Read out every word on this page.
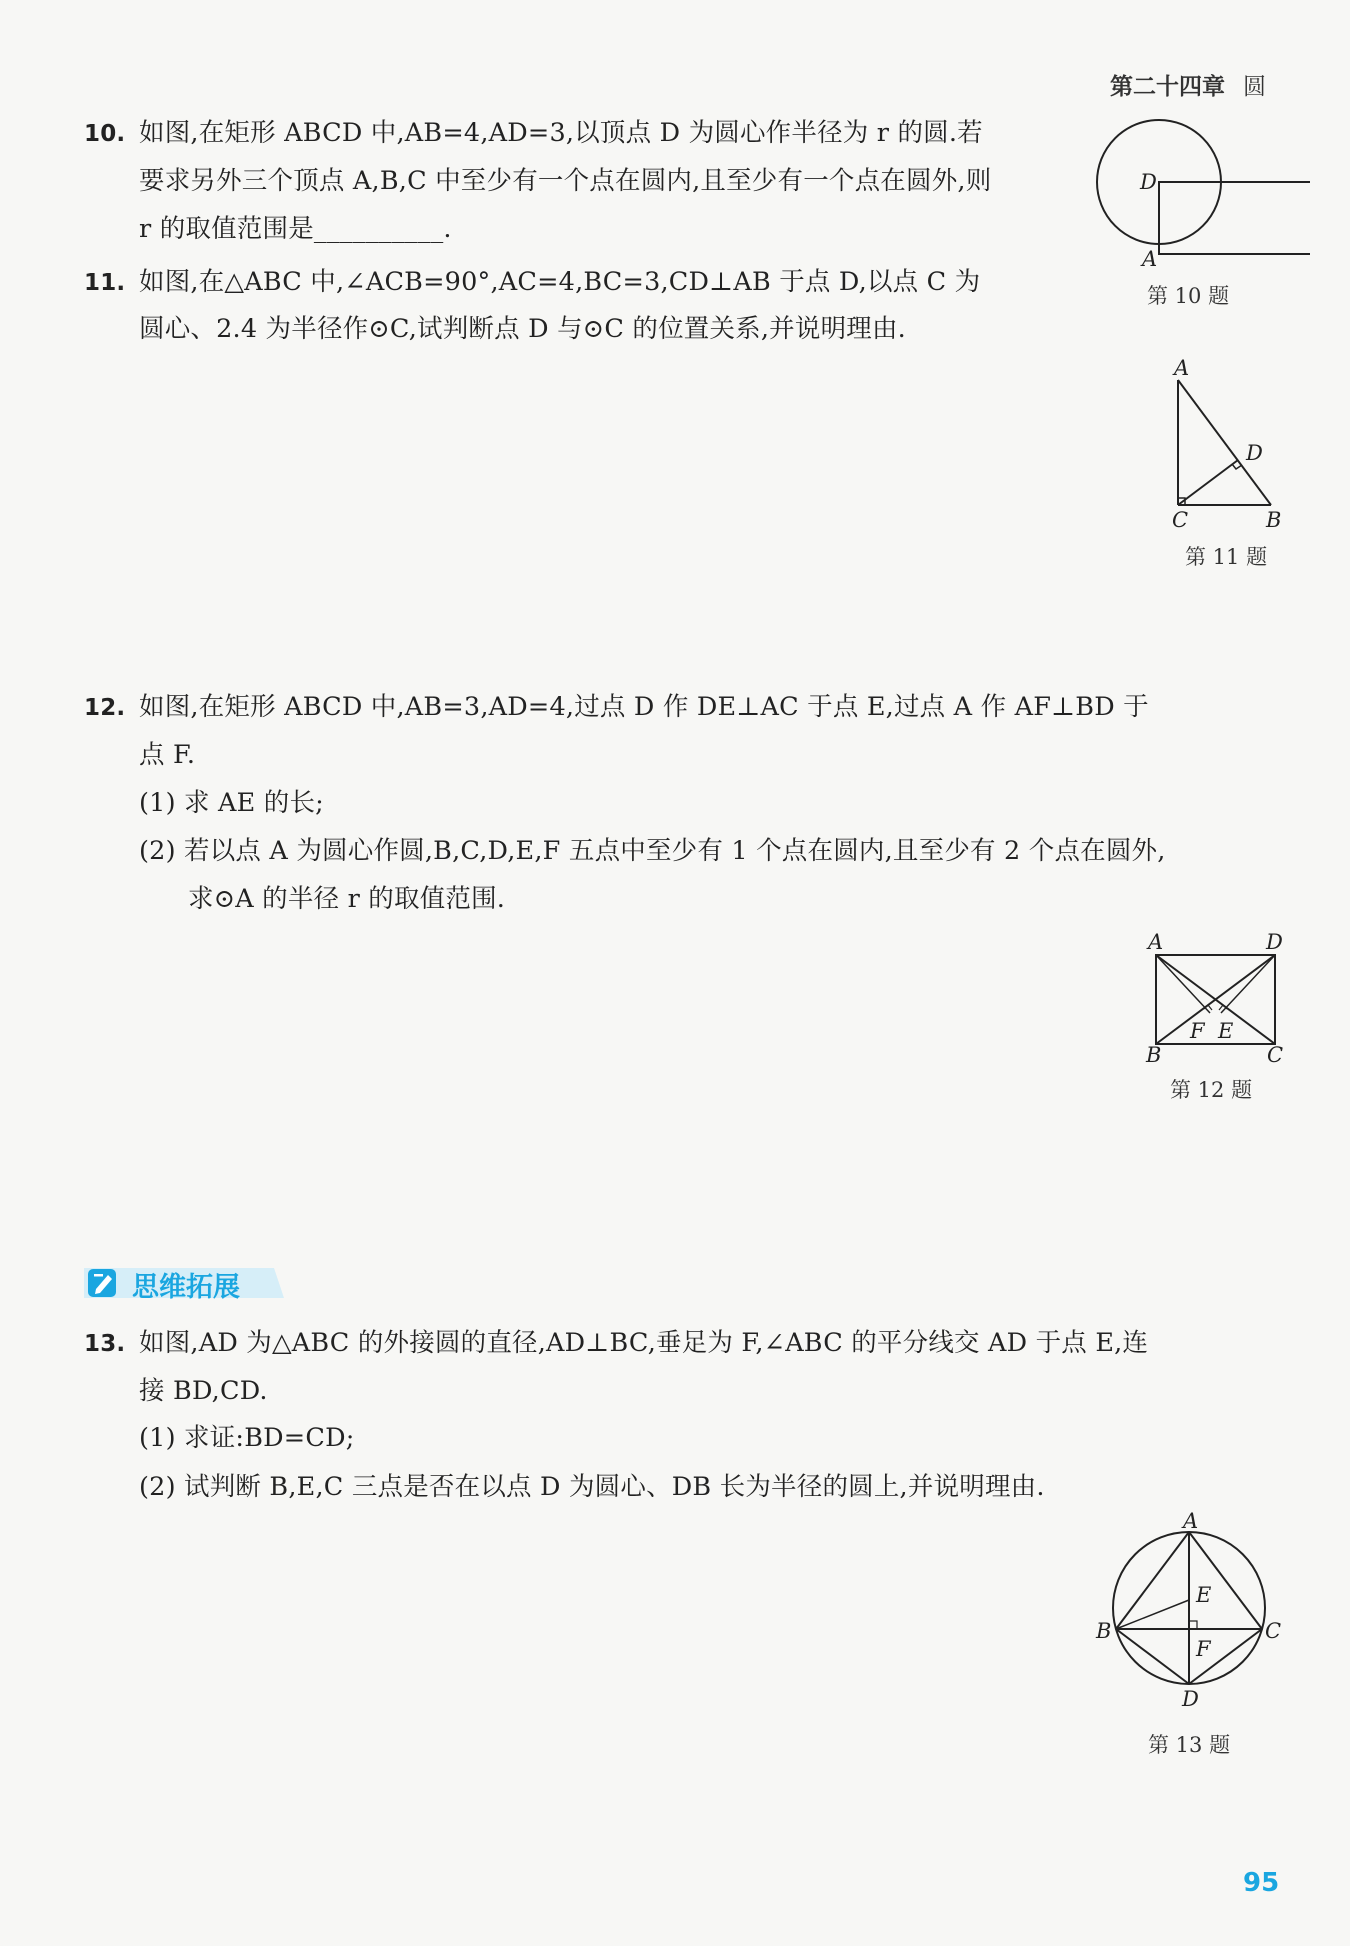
第二十四章 圆
10. 如图,在矩形 ABCD 中,AB=4,AD=3,以顶点 D 为圆心作半径为 r 的圆.若
要求另外三个顶点 A,B,C 中至少有一个点在圆内,且至少有一个点在圆外,则
r 的取值范围是__________.
D
A
第 10 题
11. 如图,在△ABC 中,∠ACB=90°,AC=4,BC=3,CD⊥AB 于点 D,以点 C 为
圆心、2.4 为半径作⊙C,试判断点 D 与⊙C 的位置关系,并说明理由.
A
D
C	B
第 11 题
12. 如图,在矩形 ABCD 中,AB=3,AD=4,过点 D 作 DE⊥AC 于点 E,过点 A 作 AF⊥BD 于
点 F.
(1) 求 AE 的长;
(2) 若以点 A 为圆心作圆,B,C,D,E,F 五点中至少有 1 个点在圆内,且至少有 2 个点在圆外,
求⊙A 的半径 r 的取值范围.
A	D
F E
B	C
第 12 题
思维拓展
13. 如图,AD 为△ABC 的外接圆的直径,AD⊥BC,垂足为 F,∠ABC 的平分线交 AD 于点 E,连
接 BD,CD.
(1) 求证:BD=CD;
(2) 试判断 B,E,C 三点是否在以点 D 为圆心、DB 长为半径的圆上,并说明理由.
A
E
B	C
F
D
第 13 题
95
